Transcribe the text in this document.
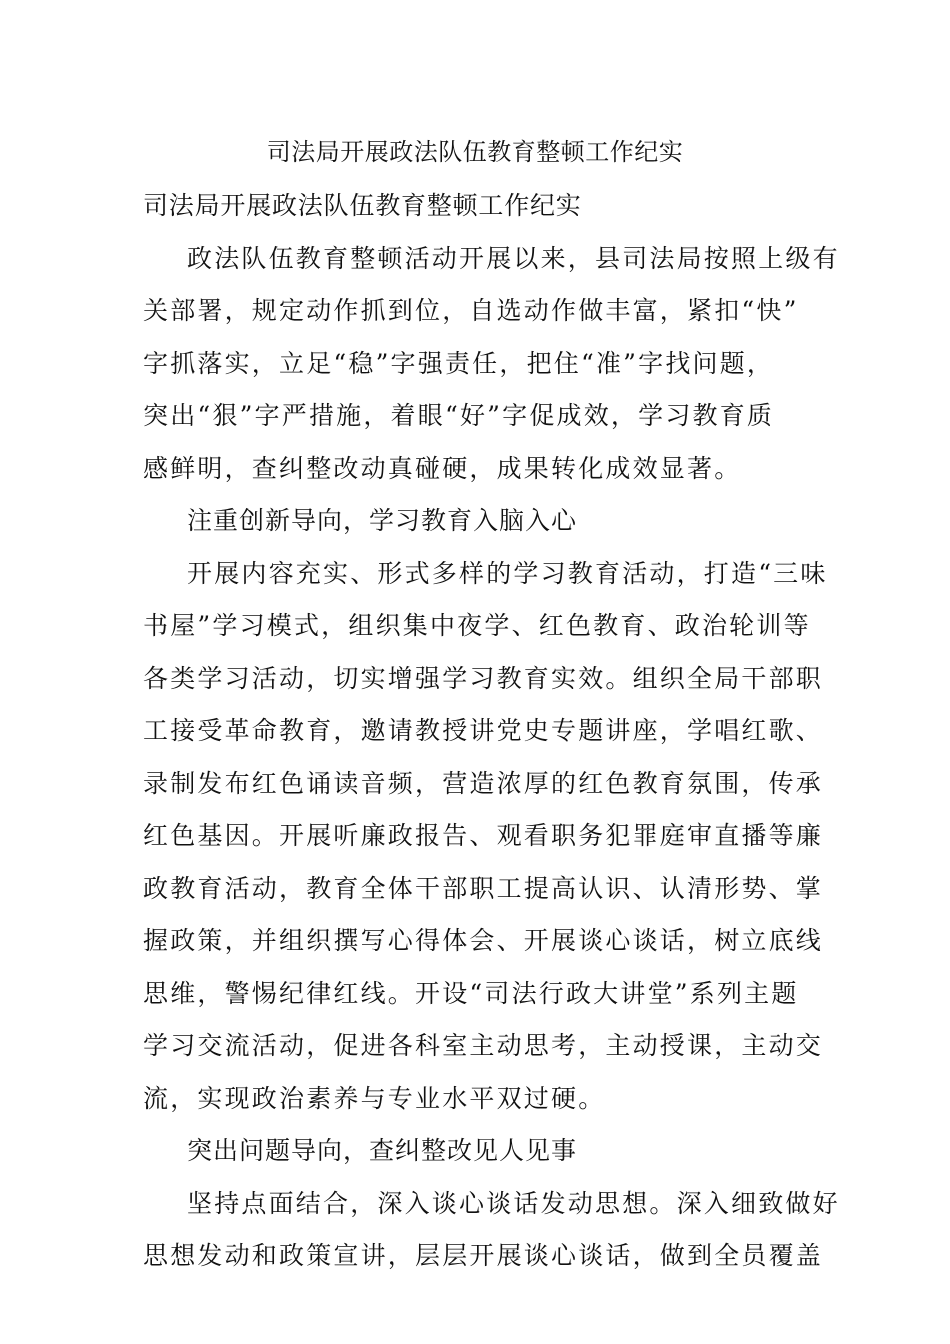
司法局开展政法队伍教育整顿工作纪实

司法局开展政法队伍教育整顿工作纪实

政法队伍教育整顿活动开展以来，县司法局按照上级有

关部署，规定动作抓到位，自选动作做丰富，紧扣“快”

字抓落实，立足“稳”字强责任，把住“准”字找问题，

突出“狠”字严措施，着眼“好”字促成效，学习教育质

感鲜明，查纠整改动真碰硬，成果转化成效显著。

注重创新导向，学习教育入脑入心

开展内容充实、形式多样的学习教育活动，打造“三味

书屋”学习模式，组织集中夜学、红色教育、政治轮训等

各类学习活动，切实增强学习教育实效。组织全局干部职

工接受革命教育，邀请教授讲党史专题讲座，学唱红歌、

录制发布红色诵读音频，营造浓厚的红色教育氛围，传承

红色基因。开展听廉政报告、观看职务犯罪庭审直播等廉

政教育活动，教育全体干部职工提高认识、认清形势、掌

握政策，并组织撰写心得体会、开展谈心谈话，树立底线

思维，警惕纪律红线。开设“司法行政大讲堂”系列主题

学习交流活动，促进各科室主动思考，主动授课，主动交

流，实现政治素养与专业水平双过硬。

突出问题导向，查纠整改见人见事

坚持点面结合，深入谈心谈话发动思想。深入细致做好

思想发动和政策宣讲，层层开展谈心谈话，做到全员覆盖
